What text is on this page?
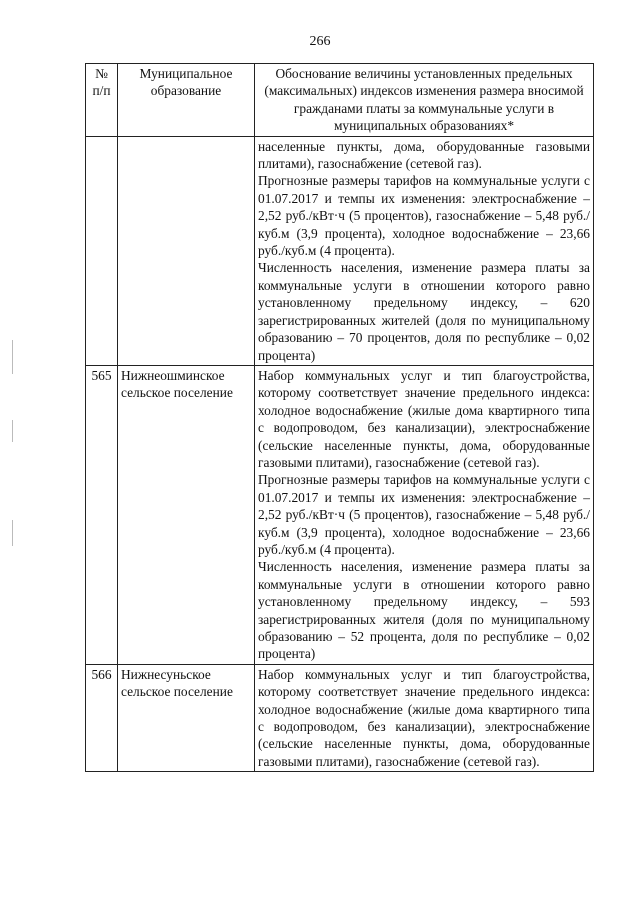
266
№ п/п	Муниципальное образование	Обоснование величины установленных предельных (максимальных) индексов изменения размера вносимой гражданами платы за коммунальные услуги в муниципальных образованиях*

		населенные пункты, дома, оборудованные газовыми плитами), газоснабжение (сетевой газ).
Прогнозные размеры тарифов на коммунальные услуги с 01.07.2017 и темпы их изменения: электроснабжение – 2,52 руб./кВт·ч (5 процентов), газоснабжение – 5,48 руб./куб.м (3,9 процента), холодное водоснабжение – 23,66 руб./куб.м (4 процента).
Численность населения, изменение размера платы за коммунальные услуги в отношении которого равно установленному предельному индексу, – 620 зарегистрированных жителей (доля по муниципальному образованию – 70 процентов, доля по республике – 0,02 процента)

565	Нижнеошминское сельское поселение	Набор коммунальных услуг и тип благоустройства, которому соответствует значение предельного индекса: холодное водоснабжение (жилые дома квартирного типа с водопроводом, без канализации), электроснабжение (сельские населенные пункты, дома, оборудованные газовыми плитами), газоснабжение (сетевой газ).
Прогнозные размеры тарифов на коммунальные услуги с 01.07.2017 и темпы их изменения: электроснабжение – 2,52 руб./кВт·ч (5 процентов), газоснабжение – 5,48 руб./куб.м (3,9 процента), холодное водоснабжение – 23,66 руб./куб.м (4 процента).
Численность населения, изменение размера платы за коммунальные услуги в отношении которого равно установленному предельному индексу, – 593 зарегистрированных жителя (доля по муниципальному образованию – 52 процента, доля по республике – 0,02 процента)

566	Нижнесуньское сельское поселение	Набор коммунальных услуг и тип благоустройства, которому соответствует значение предельного индекса: холодное водоснабжение (жилые дома квартирного типа с водопроводом, без канализации), электроснабжение (сельские населенные пункты, дома, оборудованные газовыми плитами), газоснабжение (сетевой газ).
